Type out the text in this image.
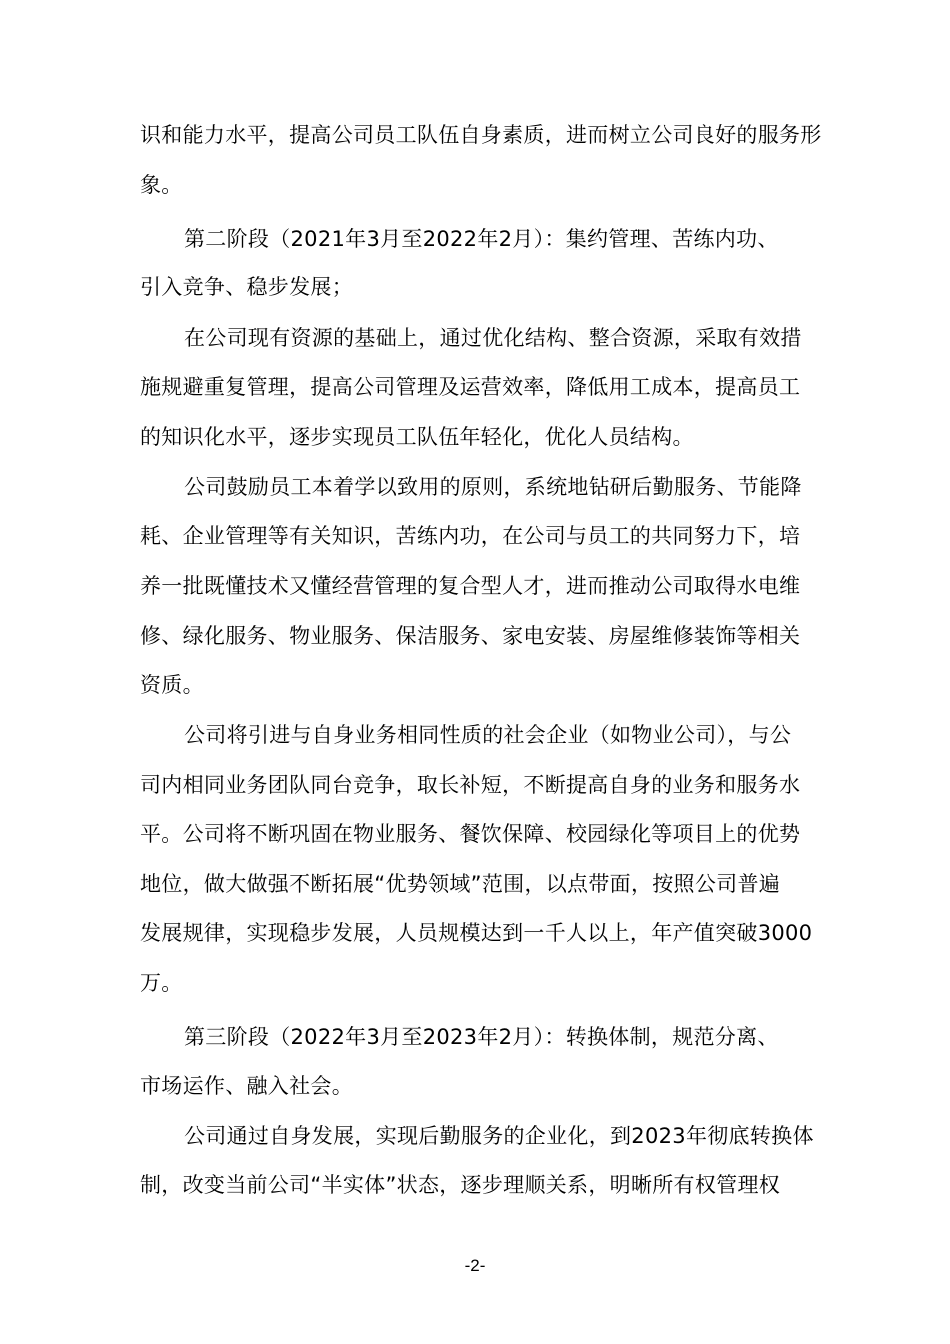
识和能力水平，提高公司员工队伍自身素质，进而树立公司良好的服务形
象。
第二阶段（2021年3月至2022年2月）：集约管理、苦练内功、
引入竞争、稳步发展；
在公司现有资源的基础上，通过优化结构、整合资源，采取有效措
施规避重复管理，提高公司管理及运营效率，降低用工成本，提高员工
的知识化水平，逐步实现员工队伍年轻化，优化人员结构。
公司鼓励员工本着学以致用的原则，系统地钻研后勤服务、节能降
耗、企业管理等有关知识，苦练内功，在公司与员工的共同努力下，培
养一批既懂技术又懂经营管理的复合型人才，进而推动公司取得水电维
修、绿化服务、物业服务、保洁服务、家电安装、房屋维修装饰等相关
资质。
公司将引进与自身业务相同性质的社会企业（如物业公司），与公
司内相同业务团队同台竞争，取长补短，不断提高自身的业务和服务水
平。公司将不断巩固在物业服务、餐饮保障、校园绿化等项目上的优势
地位，做大做强不断拓展“优势领域”范围，以点带面，按照公司普遍
发展规律，实现稳步发展，人员规模达到一千人以上，年产值突破3000
万。
第三阶段（2022年3月至2023年2月）：转换体制，规范分离、
市场运作、融入社会。
公司通过自身发展，实现后勤服务的企业化，到2023年彻底转换体
制，改变当前公司“半实体”状态，逐步理顺关系，明晰所有权管理权
-2-
